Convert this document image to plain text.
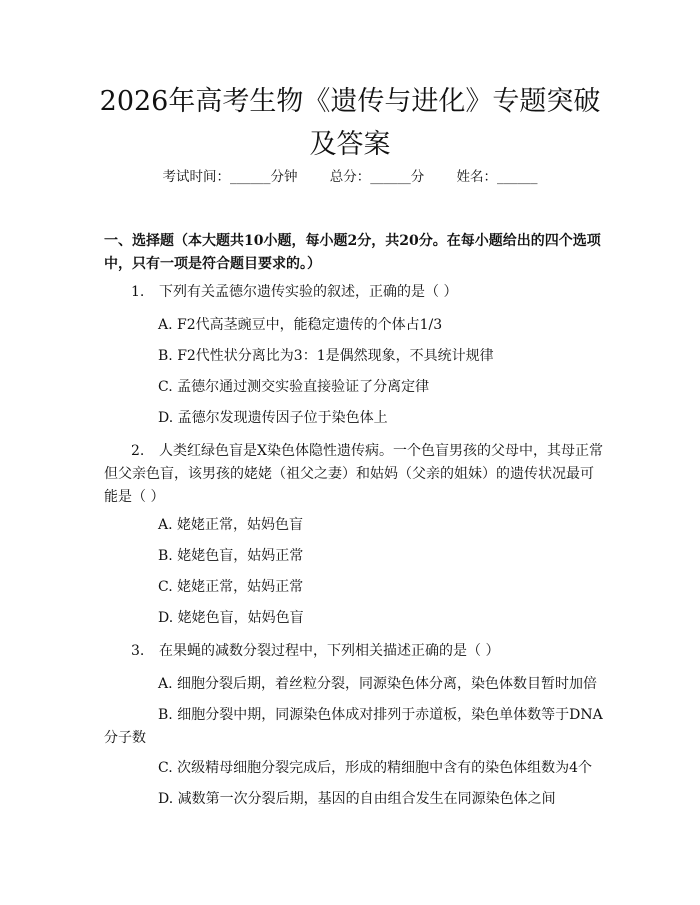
2026年高考生物《遗传与进化》专题突破及答案
考试时间：______分钟 总分：______分 姓名：______
一、选择题（本大题共10小题，每小题2分，共20分。在每小题给出的四个选项中，只有一项是符合题目要求的。）
1. 下列有关孟德尔遗传实验的叙述，正确的是（ ）
A. F2代高茎豌豆中，能稳定遗传的个体占1/3
B. F2代性状分离比为3：1是偶然现象，不具统计规律
C. 孟德尔通过测交实验直接验证了分离定律
D. 孟德尔发现遗传因子位于染色体上
2. 人类红绿色盲是X染色体隐性遗传病。一个色盲男孩的父母中，其母正常但父亲色盲，该男孩的姥姥（祖父之妻）和姑妈（父亲的姐妹）的遗传状况最可能是（ ）
A. 姥姥正常，姑妈色盲
B. 姥姥色盲，姑妈正常
C. 姥姥正常，姑妈正常
D. 姥姥色盲，姑妈色盲
3. 在果蝇的减数分裂过程中，下列相关描述正确的是（ ）
A. 细胞分裂后期，着丝粒分裂，同源染色体分离，染色体数目暂时加倍
B. 细胞分裂中期，同源染色体成对排列于赤道板，染色单体数等于DNA分子数
C. 次级精母细胞分裂完成后，形成的精细胞中含有的染色体组数为4个
D. 减数第一次分裂后期，基因的自由组合发生在同源染色体之间
